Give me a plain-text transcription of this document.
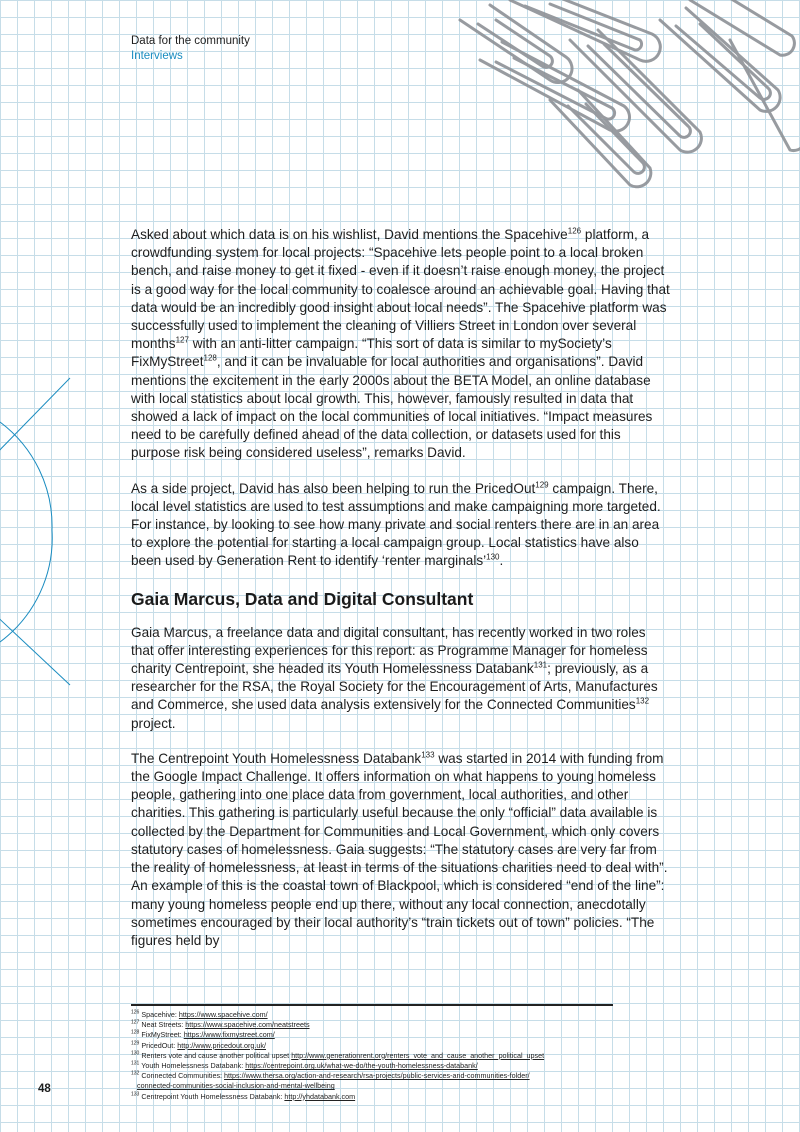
Data for the community
Interviews

Asked about which data is on his wishlist, David mentions the Spacehive$^{126}$ platform, a crowdfunding system for local projects: “Spacehive lets people point to a local broken bench, and raise money to get it fixed - even if it doesn’t raise enough money, the project is a good way for the local community to coalesce around an achievable goal. Having that data would be an incredibly good insight about local needs”. The Spacehive platform was successfully used to implement the cleaning of Villiers Street in London over several months$^{127}$ with an anti-litter campaign. “This sort of data is similar to mySociety’s FixMyStreet$^{128}$, and it can be invaluable for local authorities and organisations”. David mentions the excitement in the early 2000s about the BETA Model, an online database with local statistics about local growth. This, however, famously resulted in data that showed a lack of impact on the local communities of local initiatives. “Impact measures need to be carefully defined ahead of the data collection, or datasets used for this purpose risk being considered useless”, remarks David.

As a side project, David has also been helping to run the PricedOut$^{129}$ campaign. There, local level statistics are used to test assumptions and make campaigning more targeted. For instance, by looking to see how many private and social renters there are in an area to explore the potential for starting a local campaign group. Local statistics have also been used by Generation Rent to identify ‘renter marginals’$^{130}$.

Gaia Marcus, Data and Digital Consultant

Gaia Marcus, a freelance data and digital consultant, has recently worked in two roles that offer interesting experiences for this report: as Programme Manager for homeless charity Centrepoint, she headed its Youth Homelessness Databank$^{131}$; previously, as a researcher for the RSA, the Royal Society for the Encouragement of Arts, Manufactures and Commerce, she used data analysis extensively for the Connected Communities$^{132}$ project.

The Centrepoint Youth Homelessness Databank$^{133}$ was started in 2014 with funding from the Google Impact Challenge. It offers information on what happens to young homeless people, gathering into one place data from government, local authorities, and other charities. This gathering is particularly useful because the only “official” data available is collected by the Department for Communities and Local Government, which only covers statutory cases of homelessness. Gaia suggests: “The statutory cases are very far from the reality of homelessness, at least in terms of the situations charities need to deal with”. An example of this is the coastal town of Blackpool, which is considered “end of the line”: many young homeless people end up there, without any local connection, anecdotally sometimes encouraged by their local authority’s “train tickets out of town” policies. “The figures held by

$^{126}$ Spacehive: https://www.spacehive.com/
$^{127}$ Neat Streets: https://www.spacehive.com/neatstreets
$^{128}$ FixMyStreet: https://www.fixmystreet.com/
$^{129}$ PricedOut: http://www.pricedout.org.uk/
$^{130}$ Renters vote and cause another political upset http://www.generationrent.org/renters_vote_and_cause_another_political_upset
$^{131}$ Youth Homelessness Databank: https://centrepoint.org.uk/what-we-do/the-youth-homelessness-databank/
$^{132}$ Connected Communities: https://www.thersa.org/action-and-research/rsa-projects/public-services-and-communities-folder/
connected-communities-social-inclusion-and-mental-wellbeing
$^{133}$ Centrepoint Youth Homelessness Databank: http://yhdatabank.com
48
